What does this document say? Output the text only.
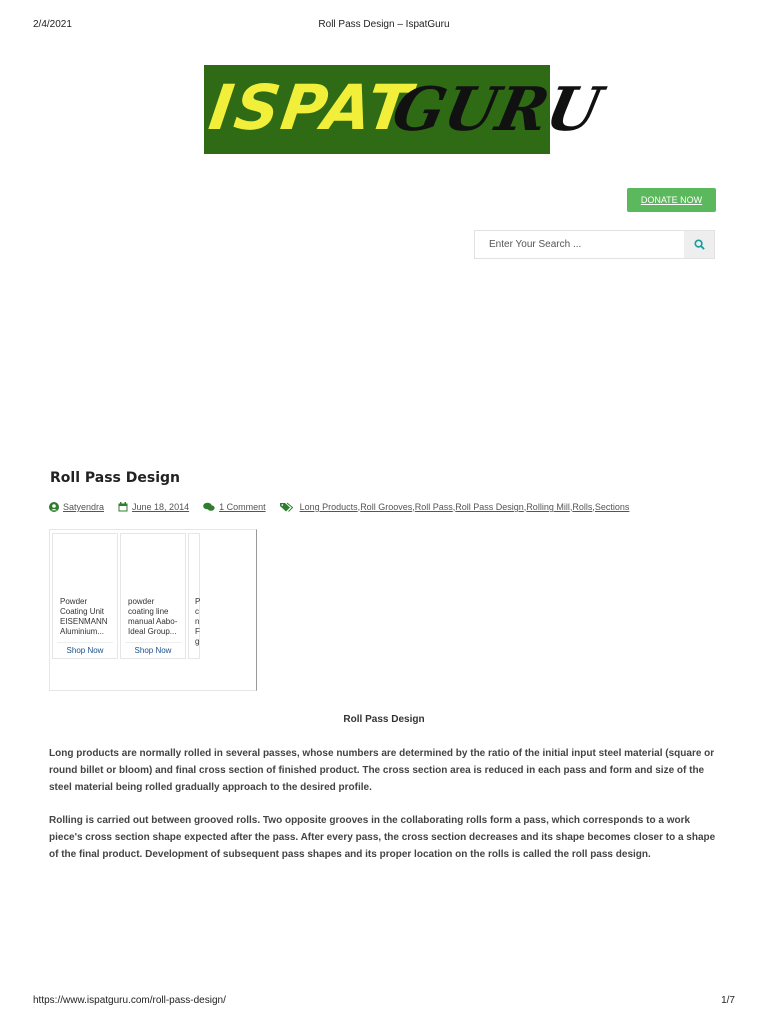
2/4/2021	Roll Pass Design – IspatGuru
ISPAT
GURU
DONATE NOW
Enter Your Search ...
Roll Pass Design
Satyendra	June 18, 2014	1 Comment	Long Products , Roll Grooves , Roll Pass , Roll Pass Design , Rolling Mill , Rolls , Sections
Powder
Coating Unit
EISENMANN
Aluminium...
Shop Now
powder
coating line
manual Aabo-
Ideal Group...
Shop Now
P
c
n
F
g
Roll Pass Design

Long products are normally rolled in several passes, whose numbers are determined by the ratio of the initial input steel material (square or round billet or bloom) and final cross section of finished product. The cross section area is reduced in each pass and form and size of the steel material being rolled gradually approach to the desired profile.

Rolling is carried out between grooved rolls. Two opposite grooves in the collaborating rolls form a pass, which corresponds to a work piece's cross section shape expected after the pass. After every pass, the cross section decreases and its shape becomes closer to a shape of the final product. Development of subsequent pass shapes and its proper location on the rolls is called the roll pass design.

https://www.ispatguru.com/roll-pass-design/	1/7
